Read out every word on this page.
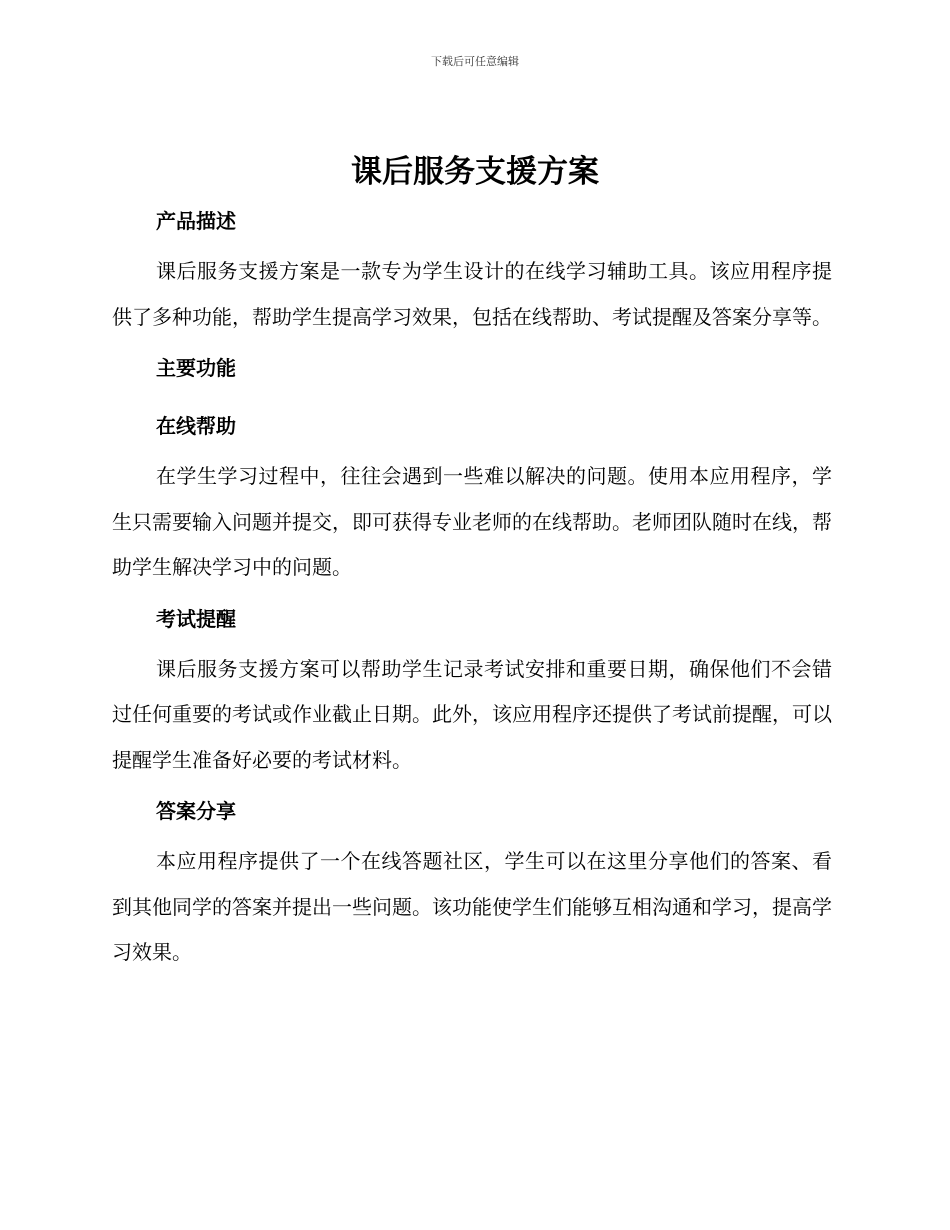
下载后可任意编辑
课后服务支援方案
产品描述

课后服务支援方案是一款专为学生设计的在线学习辅助工具。该应用程序提供了多种功能，帮助学生提高学习效果，包括在线帮助、考试提醒及答案分享等。

主要功能
在线帮助

在学生学习过程中，往往会遇到一些难以解决的问题。使用本应用程序，学生只需要输入问题并提交，即可获得专业老师的在线帮助。老师团队随时在线，帮助学生解决学习中的问题。

考试提醒

课后服务支援方案可以帮助学生记录考试安排和重要日期，确保他们不会错过任何重要的考试或作业截止日期。此外，该应用程序还提供了考试前提醒，可以提醒学生准备好必要的考试材料。

答案分享

本应用程序提供了一个在线答题社区，学生可以在这里分享他们的答案、看到其他同学的答案并提出一些问题。该功能使学生们能够互相沟通和学习，提高学习效果。
